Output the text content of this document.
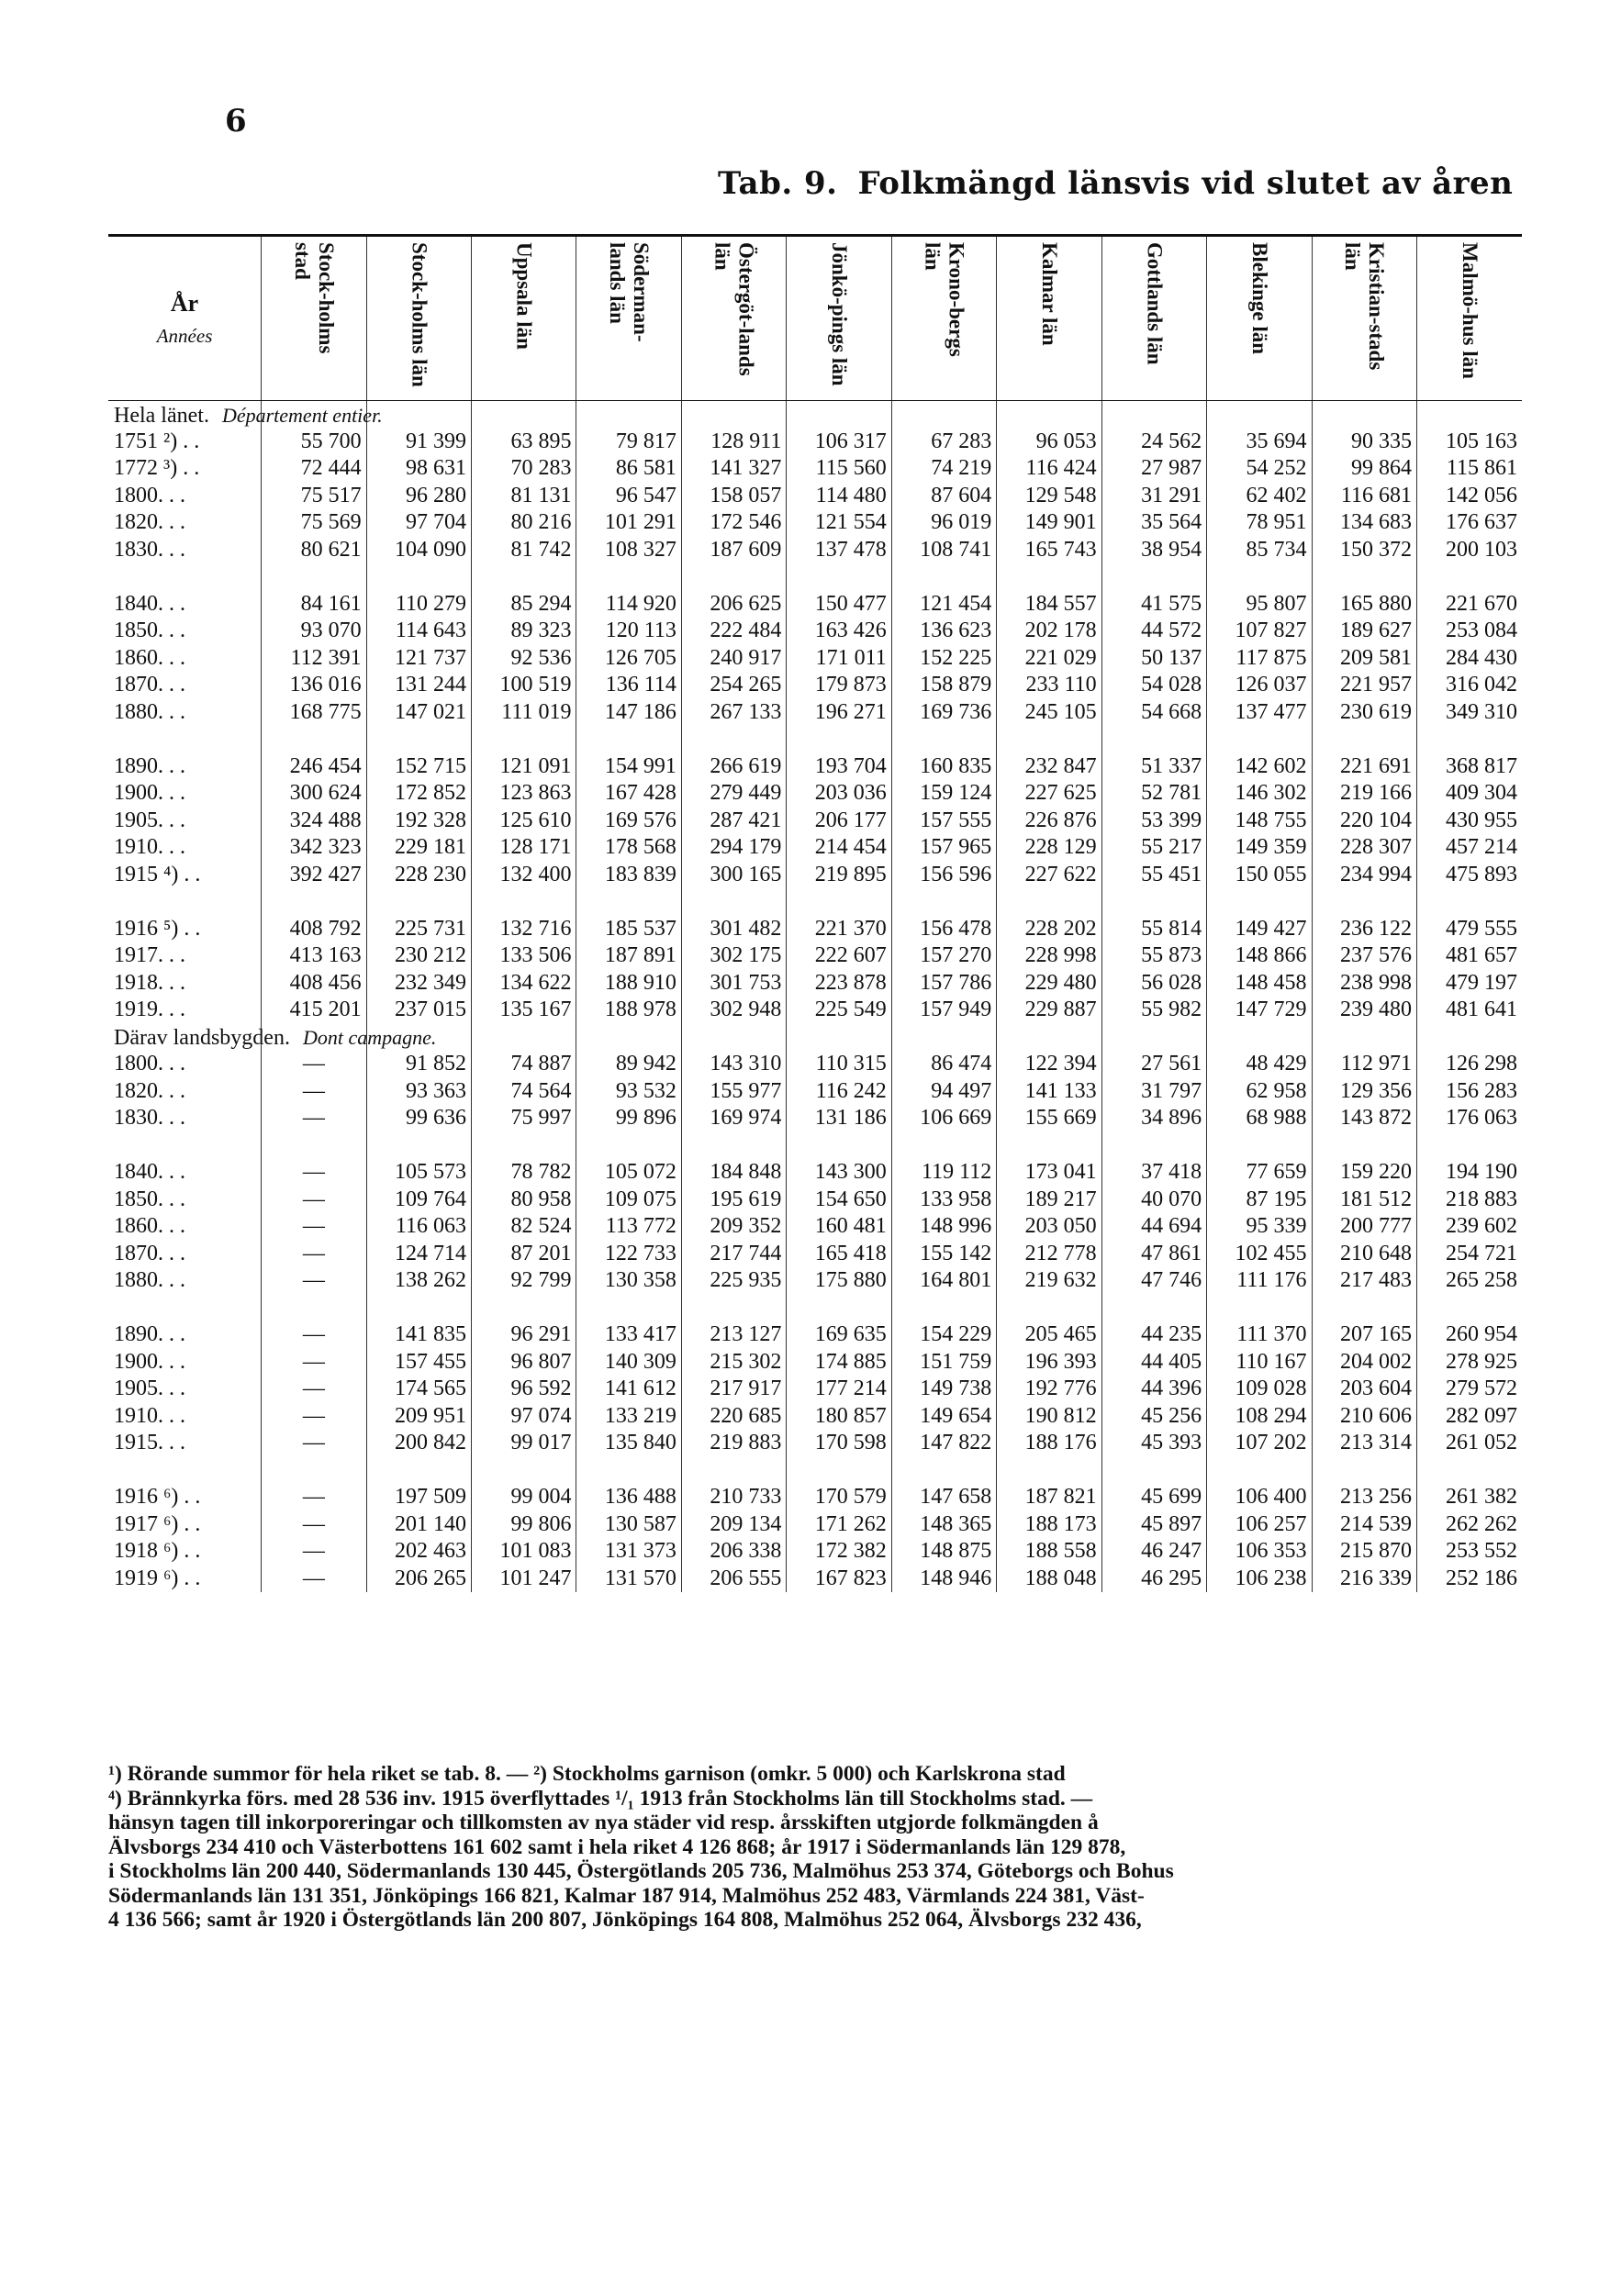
6
Tab. 9. Folkmängd länsvis vid slutet av åren
År
Années	Stock-holms stad	Stock-holms län	Uppsala län	Söderman-lands län	Östergöt-lands län	Jönkö-pings län	Krono-bergs län	Kalmar län	Gottlands län	Blekinge län	Kristian-stads län	Malmö-hus län
Hela länet. Département entier.												
1751 ²) . .	55 700	91 399	63 895	79 817	128 911	106 317	67 283	96 053	24 562	35 694	90 335	105 163
1772 ³) . .	72 444	98 631	70 283	86 581	141 327	115 560	74 219	116 424	27 987	54 252	99 864	115 861
1800. . .	75 517	96 280	81 131	96 547	158 057	114 480	87 604	129 548	31 291	62 402	116 681	142 056
1820. . .	75 569	97 704	80 216	101 291	172 546	121 554	96 019	149 901	35 564	78 951	134 683	176 637
1830. . .	80 621	104 090	81 742	108 327	187 609	137 478	108 741	165 743	38 954	85 734	150 372	200 103

1840. . .	84 161	110 279	85 294	114 920	206 625	150 477	121 454	184 557	41 575	95 807	165 880	221 670
1850. . .	93 070	114 643	89 323	120 113	222 484	163 426	136 623	202 178	44 572	107 827	189 627	253 084
1860. . .	112 391	121 737	92 536	126 705	240 917	171 011	152 225	221 029	50 137	117 875	209 581	284 430
1870. . .	136 016	131 244	100 519	136 114	254 265	179 873	158 879	233 110	54 028	126 037	221 957	316 042
1880. . .	168 775	147 021	111 019	147 186	267 133	196 271	169 736	245 105	54 668	137 477	230 619	349 310

1890. . .	246 454	152 715	121 091	154 991	266 619	193 704	160 835	232 847	51 337	142 602	221 691	368 817
1900. . .	300 624	172 852	123 863	167 428	279 449	203 036	159 124	227 625	52 781	146 302	219 166	409 304
1905. . .	324 488	192 328	125 610	169 576	287 421	206 177	157 555	226 876	53 399	148 755	220 104	430 955
1910. . .	342 323	229 181	128 171	178 568	294 179	214 454	157 965	228 129	55 217	149 359	228 307	457 214
1915 ⁴) . .	392 427	228 230	132 400	183 839	300 165	219 895	156 596	227 622	55 451	150 055	234 994	475 893

1916 ⁵) . .	408 792	225 731	132 716	185 537	301 482	221 370	156 478	228 202	55 814	149 427	236 122	479 555
1917. . .	413 163	230 212	133 506	187 891	302 175	222 607	157 270	228 998	55 873	148 866	237 576	481 657
1918. . .	408 456	232 349	134 622	188 910	301 753	223 878	157 786	229 480	56 028	148 458	238 998	479 197
1919. . .	415 201	237 015	135 167	188 978	302 948	225 549	157 949	229 887	55 982	147 729	239 480	481 641
Därav landsbygden. Dont campagne.												
1800. . .	—	91 852	74 887	89 942	143 310	110 315	86 474	122 394	27 561	48 429	112 971	126 298
1820. . .	—	93 363	74 564	93 532	155 977	116 242	94 497	141 133	31 797	62 958	129 356	156 283
1830. . .	—	99 636	75 997	99 896	169 974	131 186	106 669	155 669	34 896	68 988	143 872	176 063

1840. . .	—	105 573	78 782	105 072	184 848	143 300	119 112	173 041	37 418	77 659	159 220	194 190
1850. . .	—	109 764	80 958	109 075	195 619	154 650	133 958	189 217	40 070	87 195	181 512	218 883
1860. . .	—	116 063	82 524	113 772	209 352	160 481	148 996	203 050	44 694	95 339	200 777	239 602
1870. . .	—	124 714	87 201	122 733	217 744	165 418	155 142	212 778	47 861	102 455	210 648	254 721
1880. . .	—	138 262	92 799	130 358	225 935	175 880	164 801	219 632	47 746	111 176	217 483	265 258

1890. . .	—	141 835	96 291	133 417	213 127	169 635	154 229	205 465	44 235	111 370	207 165	260 954
1900. . .	—	157 455	96 807	140 309	215 302	174 885	151 759	196 393	44 405	110 167	204 002	278 925
1905. . .	—	174 565	96 592	141 612	217 917	177 214	149 738	192 776	44 396	109 028	203 604	279 572
1910. . .	—	209 951	97 074	133 219	220 685	180 857	149 654	190 812	45 256	108 294	210 606	282 097
1915. . .	—	200 842	99 017	135 840	219 883	170 598	147 822	188 176	45 393	107 202	213 314	261 052

1916 ⁶) . .	—	197 509	99 004	136 488	210 733	170 579	147 658	187 821	45 699	106 400	213 256	261 382
1917 ⁶) . .	—	201 140	99 806	130 587	209 134	171 262	148 365	188 173	45 897	106 257	214 539	262 262
1918 ⁶) . .	—	202 463	101 083	131 373	206 338	172 382	148 875	188 558	46 247	106 353	215 870	253 552
1919 ⁶) . .	—	206 265	101 247	131 570	206 555	167 823	148 946	188 048	46 295	106 238	216 339	252 186

¹) Rörande summor för hela riket se tab. 8. — ²) Stockholms garnison (omkr. 5 000) och Karlskrona stad

⁴) Brännkyrka förs. med 28 536 inv. 1915 överflyttades ¹/₁ 1913 från Stockholms län till Stockholms stad. —

hänsyn tagen till inkorporeringar och tillkomsten av nya städer vid resp. årsskiften utgjorde folkmängden å

Älvsborgs 234 410 och Västerbottens 161 602 samt i hela riket 4 126 868; år 1917 i Södermanlands län 129 878,

i Stockholms län 200 440, Södermanlands 130 445, Östergötlands 205 736, Malmöhus 253 374, Göteborgs och Bohus

Södermanlands län 131 351, Jönköpings 166 821, Kalmar 187 914, Malmöhus 252 483, Värmlands 224 381, Väst-

4 136 566; samt år 1920 i Östergötlands län 200 807, Jönköpings 164 808, Malmöhus 252 064, Älvsborgs 232 436,
